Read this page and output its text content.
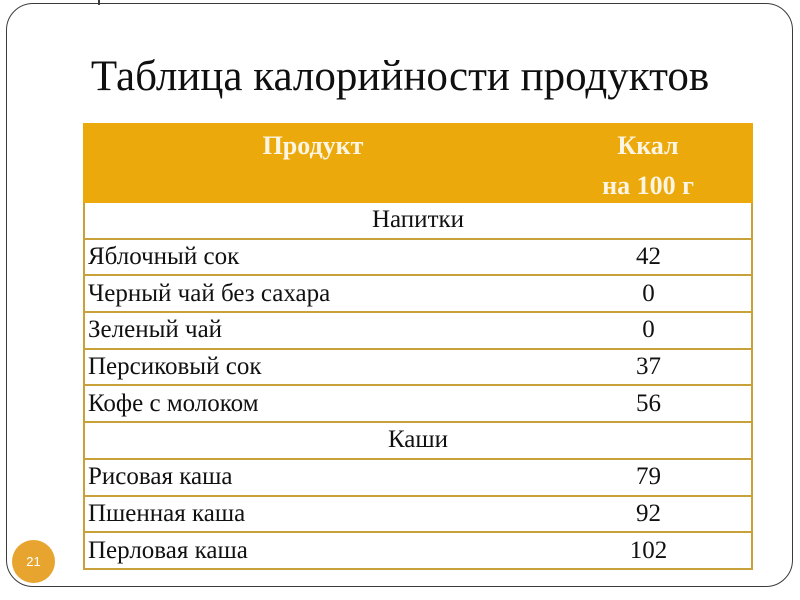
Таблица калорийности продуктов
Продукт	Ккал
на 100 г
Напитки
Яблочный сок	42
Черный чай без сахара	0
Зеленый чай	0
Персиковый сок	37
Кофе с молоком	56
Каши
Рисовая каша	79
Пшенная каша	92
Перловая каша	102
21
